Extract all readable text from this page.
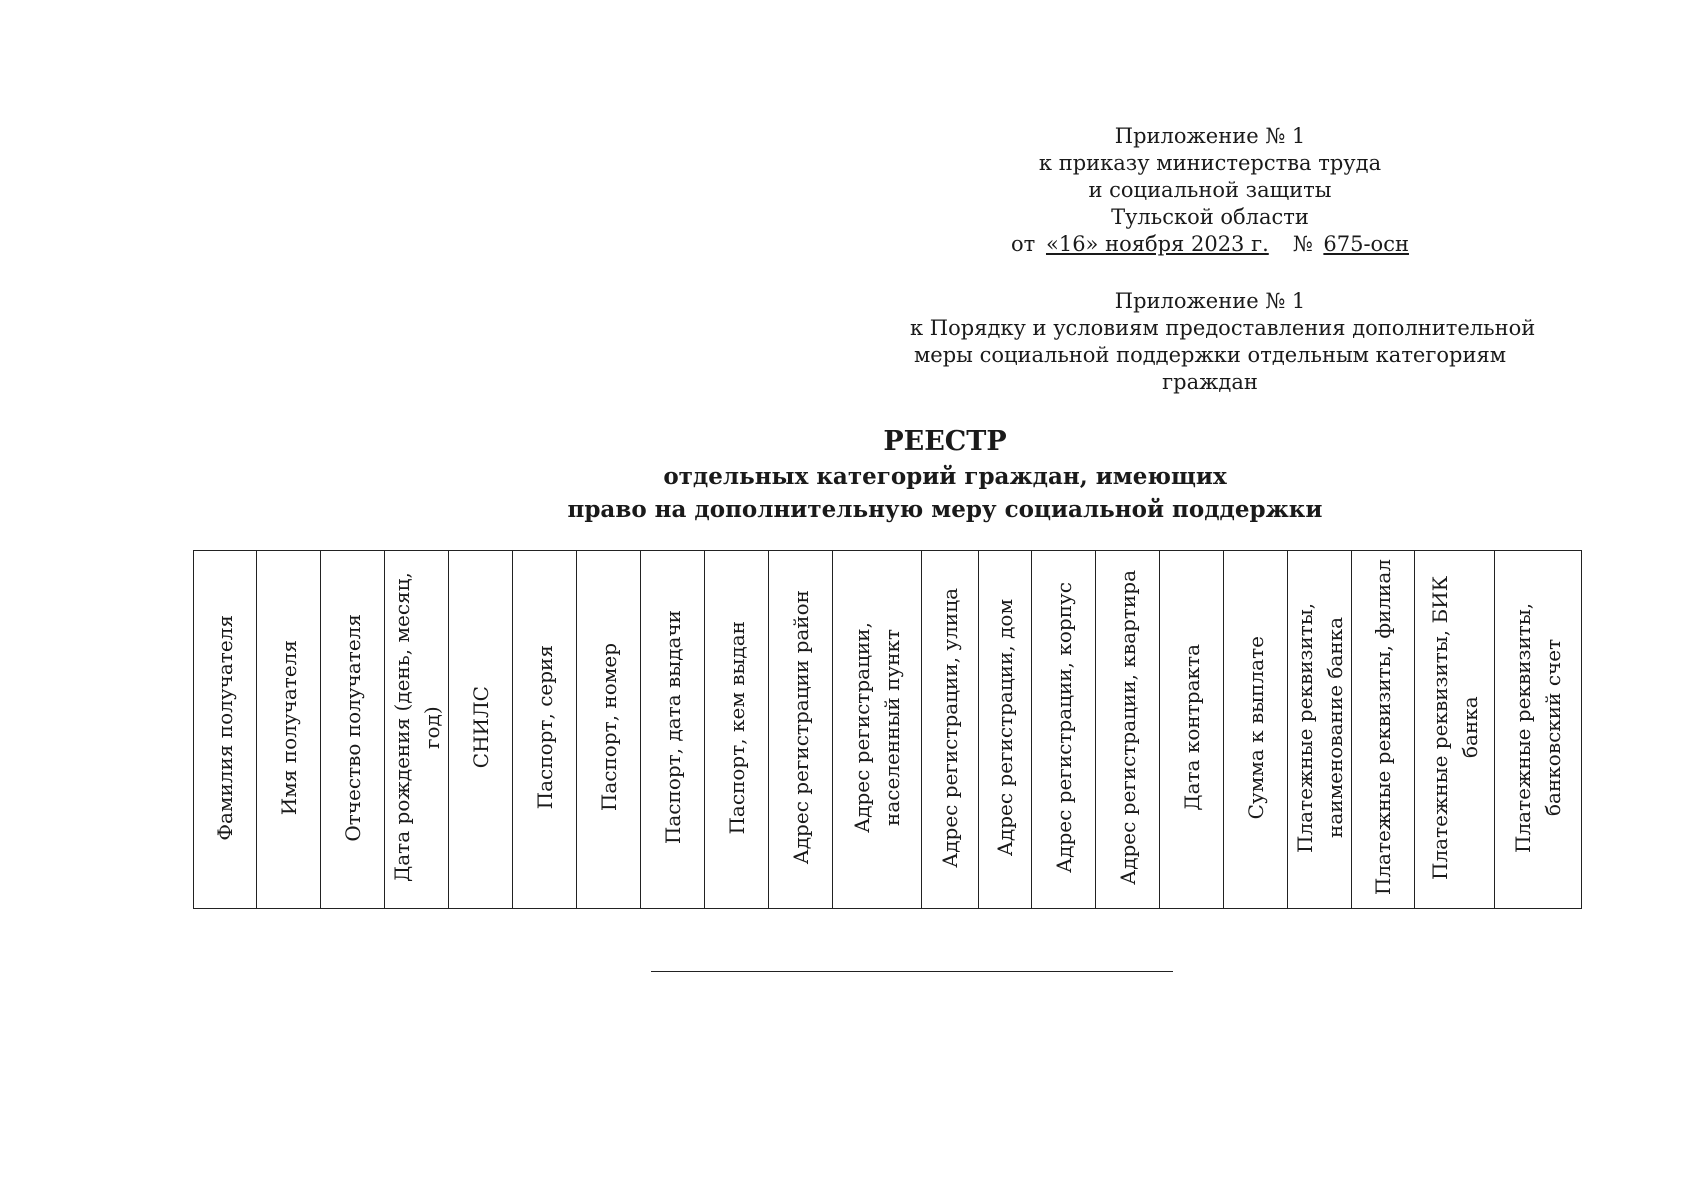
Приложение № 1
к приказу министерства труда
и социальной защиты
Тульской области
от «16» ноября 2023 г. № 675-осн
Приложение № 1
к Порядку и условиям предоставления дополнительной
меры социальной поддержки отдельным категориям
граждан
РЕЕСТР
отдельных категорий граждан, имеющих
право на дополнительную меру социальной поддержки
Фамилия получателя	Имя получателя	Отчество получателя	Дата рождения (день, месяц, год)	СНИЛС	Паспорт, серия	Паспорт, номер	Паспорт, дата выдачи	Паспорт, кем выдан	Адрес регистрации район	Адрес регистрации, населенный пункт	Адрес регистрации, улица	Адрес регистрации, дом	Адрес регистрации, корпус	Адрес регистрации, квартира	Дата контракта	Сумма к выплате	Платежные реквизиты, наименование банка	Платежные реквизиты, филиал	Платежные реквизиты, БИК банка	Платежные реквизиты, банковский счет
